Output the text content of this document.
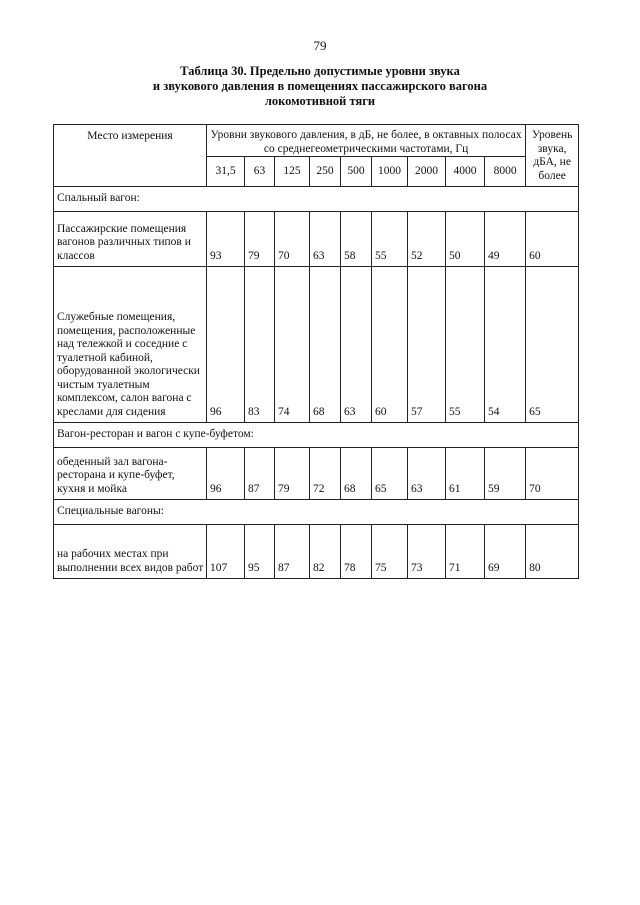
79
Таблица 30. Предельно допустимые уровни звука
и звукового давления в помещениях пассажирского вагона
локомотивной тяги
Место измерения	Уровни звукового давления, в дБ, не более, в октавных полосах со среднегеометрическими частотами, Гц									Уровень звука, дБА, не более
	31,5	63	125	250	500	1000	2000	4000	8000	
Спальный вагон:										
Пассажирские помещения вагонов различных типов и классов	93	79	70	63	58	55	52	50	49	60
Служебные помещения, помещения, расположенные над тележкой и соседние с туалетной кабиной, оборудованной экологически чистым туалетным комплексом, салон вагона с креслами для сидения	96	83	74	68	63	60	57	55	54	65
Вагон-ресторан и вагон с купе-буфетом:										
обеденный зал вагона-ресторана и купе-буфет, кухня и мойка	96	87	79	72	68	65	63	61	59	70
Специальные вагоны:										
на рабочих местах при выполнении всех видов работ	107	95	87	82	78	75	73	71	69	80
